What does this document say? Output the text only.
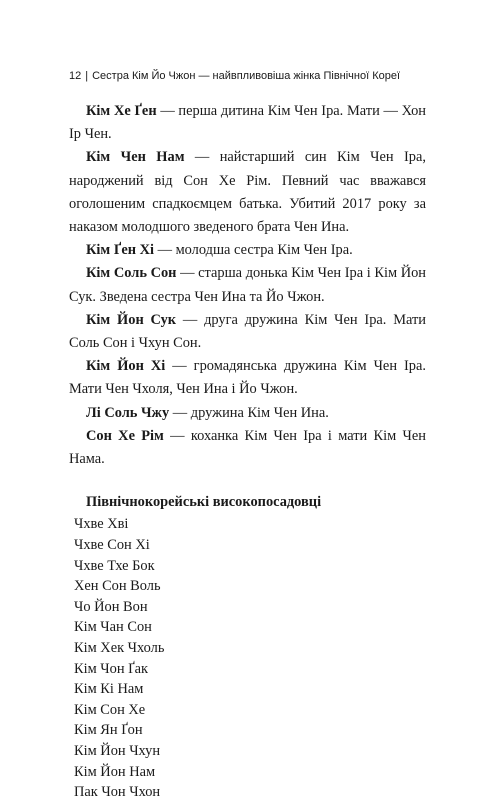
12 | Сестра Кім Йо Чжон — найвпливовіша жінка Північної Кореї

Кім Хе Ґен — перша дитина Кім Чен Іра. Мати — Хон Ір Чен.

Кім Чен Нам — найстарший син Кім Чен Іра, народжений від Сон Хе Рім. Певний час вважався оголошеним спадкоємцем батька. Убитий 2017 року за наказом молодшого зведеного брата Чен Ина.

Кім Ґен Хі — молодша сестра Кім Чен Іра.

Кім Соль Сон — старша донька Кім Чен Іра і Кім Йон Сук. Зведена сестра Чен Ина та Йо Чжон.

Кім Йон Сук — друга дружина Кім Чен Іра. Мати Соль Сон і Чхун Сон.

Кім Йон Хі — громадянська дружина Кім Чен Іра. Мати Чен Чхоля, Чен Ина і Йо Чжон.

Лі Соль Чжу — дружина Кім Чен Ина.

Сон Хе Рім — коханка Кім Чен Іра і мати Кім Чен Нама.

Північнокорейські високопосадовці
Чхве Хві
Чхве Сон Хі
Чхве Тхе Бок
Хен Сон Воль
Чо Йон Вон
Кім Чан Сон
Кім Хек Чхоль
Кім Чон Ґак
Кім Кі Нам
Кім Сон Хе
Кім Ян Ґон
Кім Йон Чхун
Кім Йон Нам
Пак Чон Чхон
